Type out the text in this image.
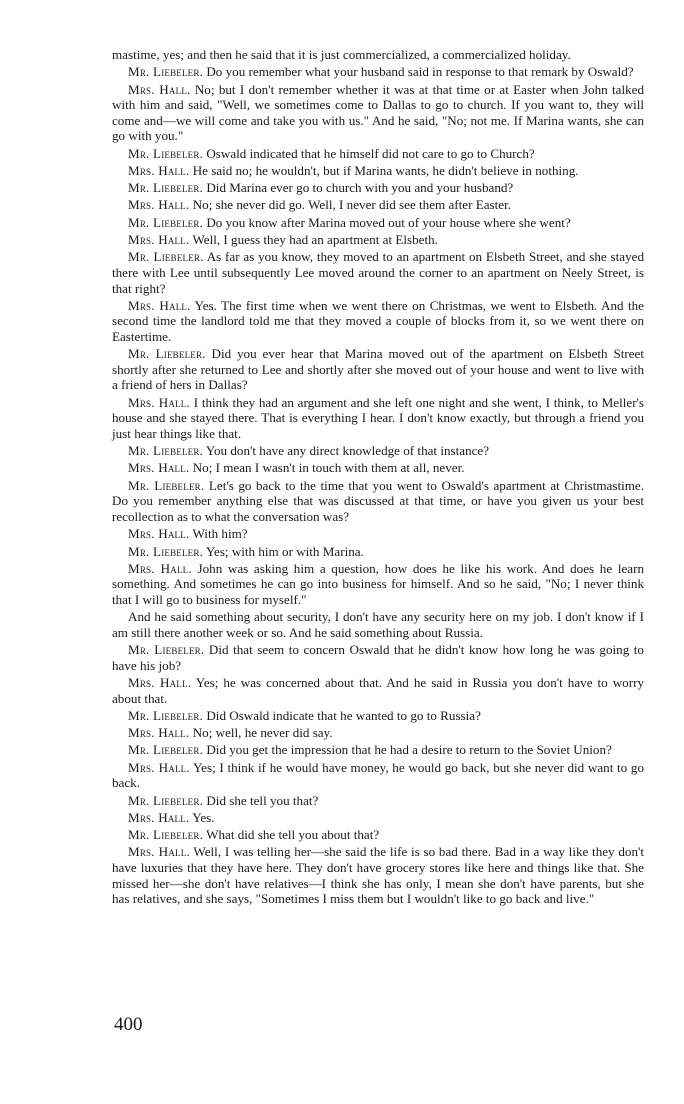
mastime, yes; and then he said that it is just commercialized, a commercialized holiday.

Mr. Liebeler. Do you remember what your husband said in response to that remark by Oswald?

Mrs. Hall. No; but I don't remember whether it was at that time or at Easter when John talked with him and said, "Well, we sometimes come to Dallas to go to church. If you want to, they will come and—we will come and take you with us." And he said, "No; not me. If Marina wants, she can go with you."

Mr. Liebeler. Oswald indicated that he himself did not care to go to Church?

Mrs. Hall. He said no; he wouldn't, but if Marina wants, he didn't believe in nothing.

Mr. Liebeler. Did Marina ever go to church with you and your husband?

Mrs. Hall. No; she never did go. Well, I never did see them after Easter.

Mr. Liebeler. Do you know after Marina moved out of your house where she went?

Mrs. Hall. Well, I guess they had an apartment at Elsbeth.

Mr. Liebeler. As far as you know, they moved to an apartment on Elsbeth Street, and she stayed there with Lee until subsequently Lee moved around the corner to an apartment on Neely Street, is that right?

Mrs. Hall. Yes. The first time when we went there on Christmas, we went to Elsbeth. And the second time the landlord told me that they moved a couple of blocks from it, so we went there on Eastertime.

Mr. Liebeler. Did you ever hear that Marina moved out of the apartment on Elsbeth Street shortly after she returned to Lee and shortly after she moved out of your house and went to live with a friend of hers in Dallas?

Mrs. Hall. I think they had an argument and she left one night and she went, I think, to Meller's house and she stayed there. That is everything I hear. I don't know exactly, but through a friend you just hear things like that.

Mr. Liebeler. You don't have any direct knowledge of that instance?

Mrs. Hall. No; I mean I wasn't in touch with them at all, never.

Mr. Liebeler. Let's go back to the time that you went to Oswald's apartment at Christmastime. Do you remember anything else that was discussed at that time, or have you given us your best recollection as to what the conversation was?

Mrs. Hall. With him?

Mr. Liebeler. Yes; with him or with Marina.

Mrs. Hall. John was asking him a question, how does he like his work. And does he learn something. And sometimes he can go into business for himself. And so he said, "No; I never think that I will go to business for myself."

And he said something about security, I don't have any security here on my job. I don't know if I am still there another week or so. And he said something about Russia.

Mr. Liebeler. Did that seem to concern Oswald that he didn't know how long he was going to have his job?

Mrs. Hall. Yes; he was concerned about that. And he said in Russia you don't have to worry about that.

Mr. Liebeler. Did Oswald indicate that he wanted to go to Russia?

Mrs. Hall. No; well, he never did say.

Mr. Liebeler. Did you get the impression that he had a desire to return to the Soviet Union?

Mrs. Hall. Yes; I think if he would have money, he would go back, but she never did want to go back.

Mr. Liebeler. Did she tell you that?

Mrs. Hall. Yes.

Mr. Liebeler. What did she tell you about that?

Mrs. Hall. Well, I was telling her—she said the life is so bad there. Bad in a way like they don't have luxuries that they have here. They don't have grocery stores like here and things like that. She missed her—she don't have relatives—I think she has only, I mean she don't have parents, but she has relatives, and she says, "Sometimes I miss them but I wouldn't like to go back and live."

400
